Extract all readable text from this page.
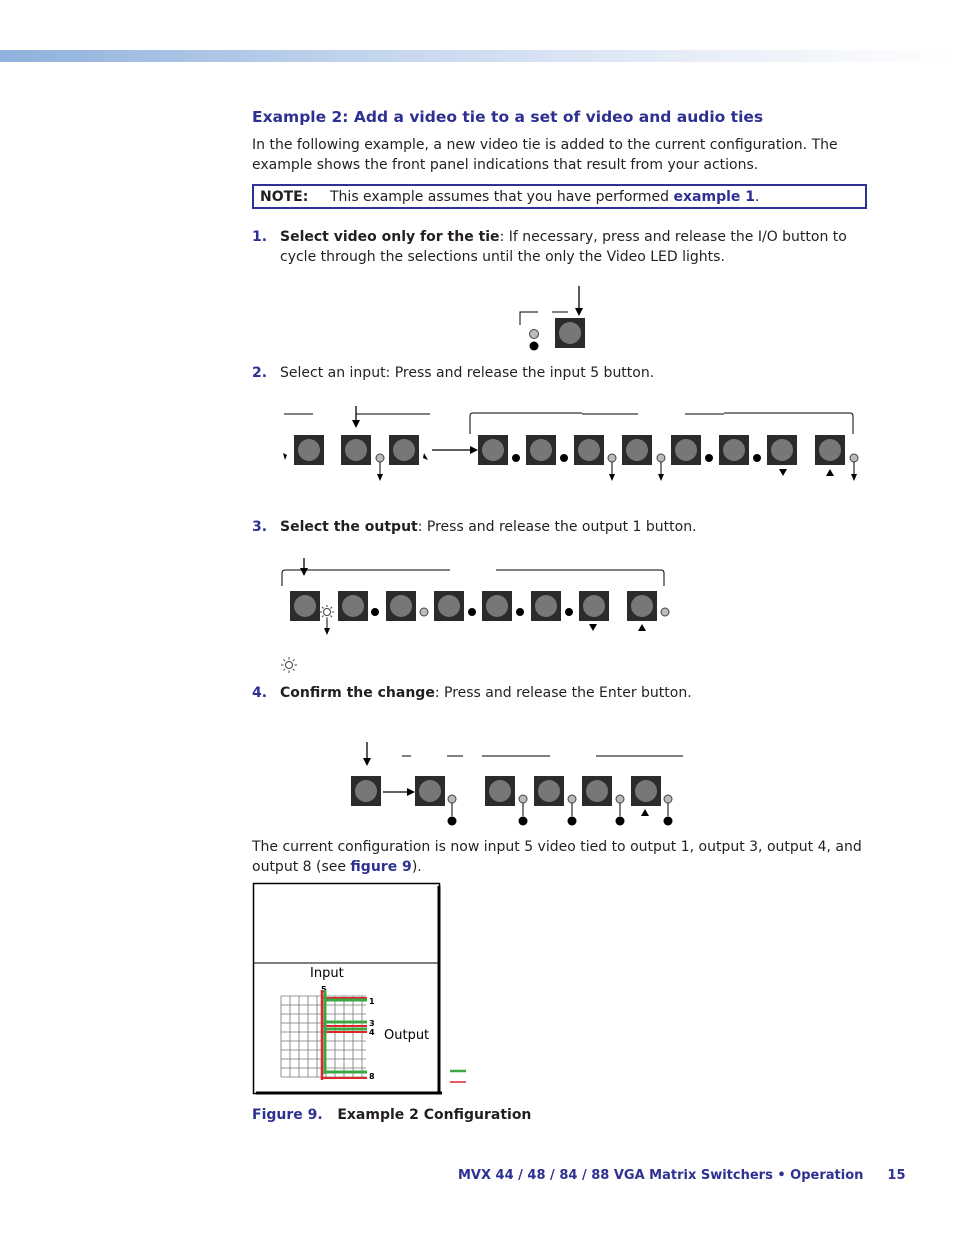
Example 2: Add a video tie to a set of video and audio ties
In the following example, a new video tie is added to the current configuration. The example shows the front panel indications that result from your actions.
NOTE: This example assumes that you have performed example 1.
1. Select video only for the tie: If necessary, press and release the I/O button to cycle through the selections until the only the Video LED lights.
2. Select an input: Press and release the input 5 button.
3. Select the output: Press and release the output 1 button.
4. Confirm the change: Press and release the Enter button.
The current configuration is now input 5 video tied to output 1, output 3, output 4, and output 8 (see figure 9).
Input
5
1
3
4
8
Output
Figure 9. Example 2 Configuration
MVX 44 / 48 / 84 / 88 VGA Matrix Switchers • Operation 15
